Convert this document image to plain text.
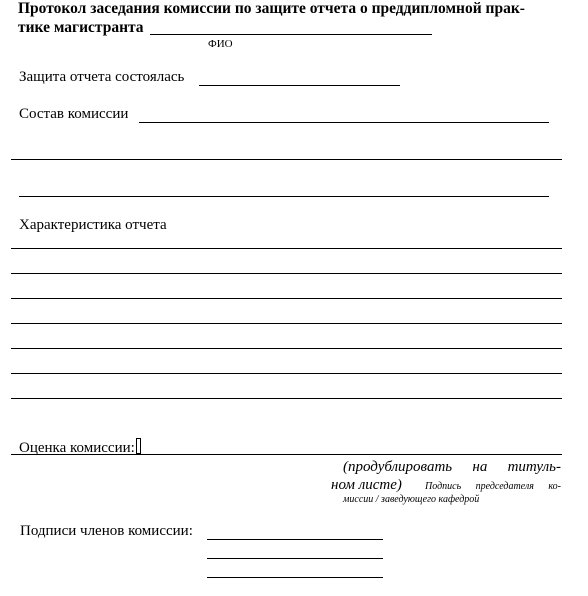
Протокол заседания комиссии по защите отчета о преддипломной прак-
тике магистранта
ФИО
Защита отчета состоялась
Состав комиссии
Характеристика отчета
Оценка комиссии:
(продублировать на титуль-
ном листе) Подпись председателя ко-
миссии / заведующего кафедрой
Подписи членов комиссии:
